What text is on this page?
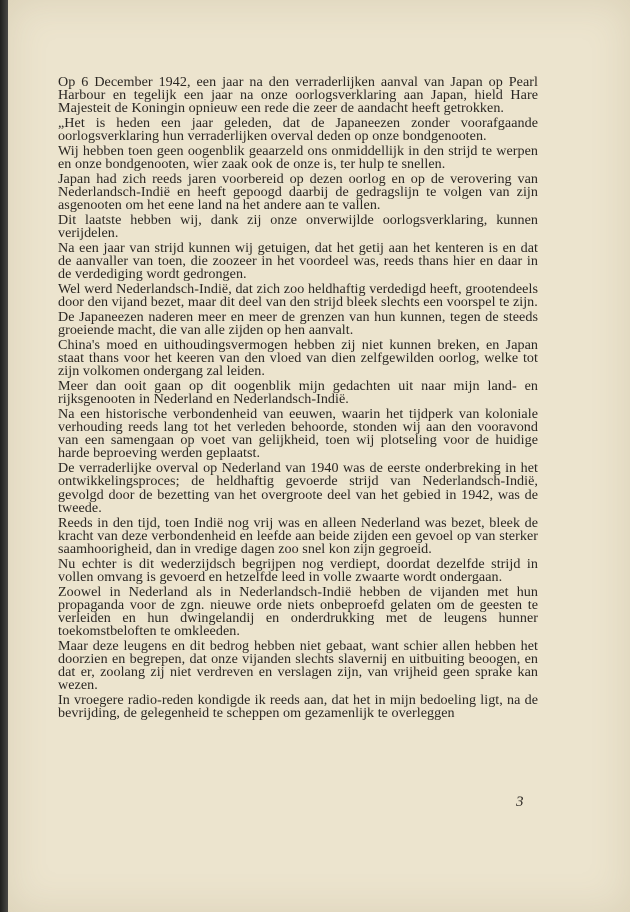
Op 6 December 1942, een jaar na den verraderlijken aanval van Japan op Pearl Harbour en tegelijk een jaar na onze oorlogsverklaring aan Japan, hield Hare Majesteit de Koningin opnieuw een rede die zeer de aandacht heeft getrokken.

„Het is heden een jaar geleden, dat de Japaneezen zonder voorafgaande oorlogsverklaring hun verraderlijken overval deden op onze bondgenooten.

Wij hebben toen geen oogenblik geaarzeld ons onmiddellijk in den strijd te werpen en onze bondgenooten, wier zaak ook de onze is, ter hulp te snellen.

Japan had zich reeds jaren voorbereid op dezen oorlog en op de verovering van Nederlandsch-Indië en heeft gepoogd daarbij de gedragslijn te volgen van zijn asgenooten om het eene land na het andere aan te vallen.

Dit laatste hebben wij, dank zij onze onverwijlde oorlogsverklaring, kunnen verijdelen.

Na een jaar van strijd kunnen wij getuigen, dat het getij aan het kenteren is en dat de aanvaller van toen, die zoozeer in het voordeel was, reeds thans hier en daar in de verdediging wordt gedrongen.

Wel werd Nederlandsch-Indië, dat zich zoo heldhaftig verdedigd heeft, grootendeels door den vijand bezet, maar dit deel van den strijd bleek slechts een voorspel te zijn.

De Japaneezen naderen meer en meer de grenzen van hun kunnen, tegen de steeds groeiende macht, die van alle zijden op hen aanvalt.

China's moed en uithoudingsvermogen hebben zij niet kunnen breken, en Japan staat thans voor het keeren van den vloed van dien zelfgewilden oorlog, welke tot zijn volkomen ondergang zal leiden.

Meer dan ooit gaan op dit oogenblik mijn gedachten uit naar mijn land- en rijksgenooten in Nederland en Nederlandsch-Indië.

Na een historische verbondenheid van eeuwen, waarin het tijdperk van koloniale verhouding reeds lang tot het verleden behoorde, stonden wij aan den vooravond van een samengaan op voet van gelijkheid, toen wij plotseling voor de huidige harde beproeving werden geplaatst.

De verraderlijke overval op Nederland van 1940 was de eerste onderbreking in het ontwikkelingsproces; de heldhaftig gevoerde strijd van Nederlandsch-Indië, gevolgd door de bezetting van het overgroote deel van het gebied in 1942, was de tweede.

Reeds in den tijd, toen Indië nog vrij was en alleen Nederland was bezet, bleek de kracht van deze verbondenheid en leefde aan beide zijden een gevoel op van sterker saamhoorigheid, dan in vredige dagen zoo snel kon zijn gegroeid.

Nu echter is dit wederzijdsch begrijpen nog verdiept, doordat dezelfde strijd in vollen omvang is gevoerd en hetzelfde leed in volle zwaarte wordt ondergaan.

Zoowel in Nederland als in Nederlandsch-Indië hebben de vijanden met hun propaganda voor de zgn. nieuwe orde niets onbeproefd gelaten om de geesten te verleiden en hun dwingelandij en onderdrukking met de leugens hunner toekomstbeloften te omkleeden.

Maar deze leugens en dit bedrog hebben niet gebaat, want schier allen hebben het doorzien en begrepen, dat onze vijanden slechts slavernij en uitbuiting beoogen, en dat er, zoolang zij niet verdreven en verslagen zijn, van vrijheid geen sprake kan wezen.

In vroegere radio-reden kondigde ik reeds aan, dat het in mijn bedoeling ligt, na de bevrijding, de gelegenheid te scheppen om gezamenlijk te overleggen

3
